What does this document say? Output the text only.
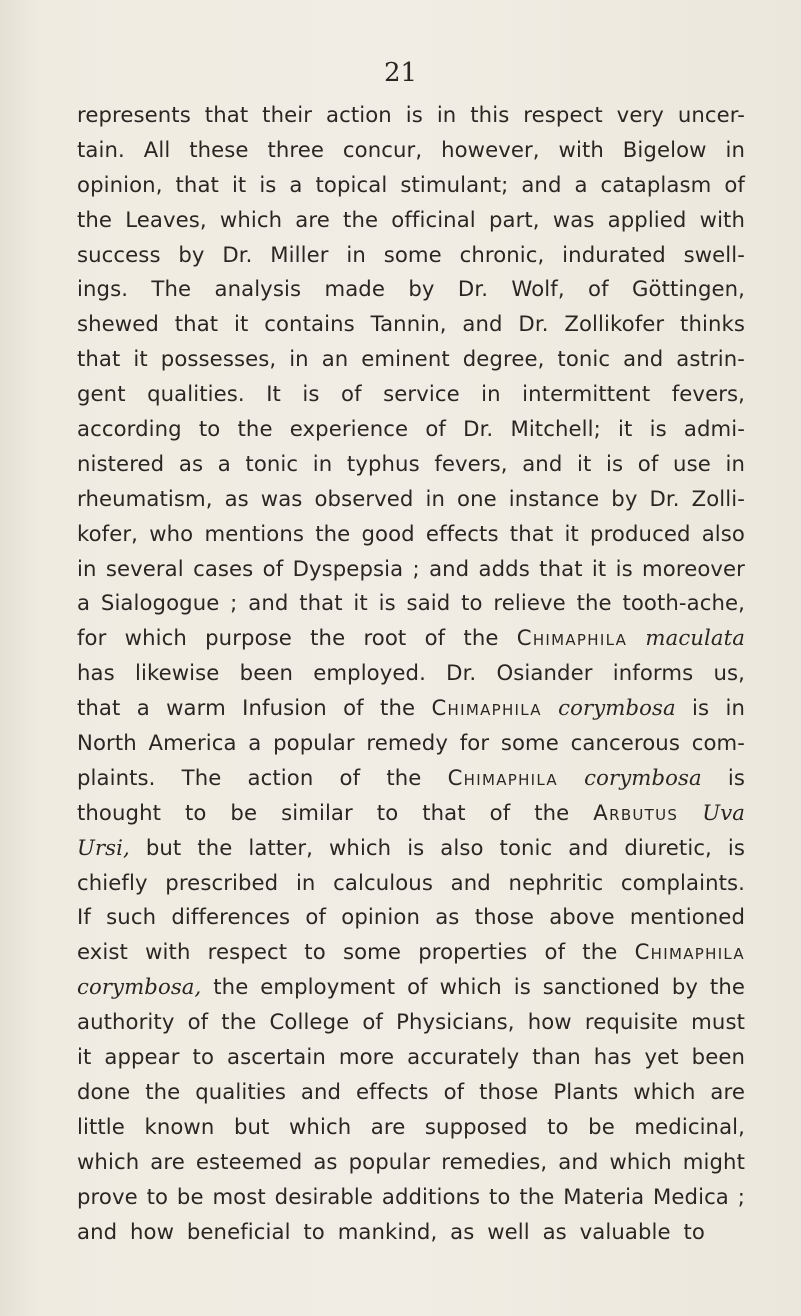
21
represents that their action is in this respect very uncer-
tain. All these three concur, however, with Bigelow in
opinion, that it is a topical stimulant; and a cataplasm of
the Leaves, which are the officinal part, was applied with
success by Dr. Miller in some chronic, indurated swell-
ings. The analysis made by Dr. Wolf, of Göttingen,
shewed that it contains Tannin, and Dr. Zollikofer thinks
that it possesses, in an eminent degree, tonic and astrin-
gent qualities. It is of service in intermittent fevers,
according to the experience of Dr. Mitchell; it is admi-
nistered as a tonic in typhus fevers, and it is of use in
rheumatism, as was observed in one instance by Dr. Zolli-
kofer, who mentions the good effects that it produced also
in several cases of Dyspepsia ; and adds that it is moreover
a Sialogogue ; and that it is said to relieve the tooth-ache,
for which purpose the root of the Chimaphila maculata
has likewise been employed. Dr. Osiander informs us,
that a warm Infusion of the Chimaphila corymbosa is in
North America a popular remedy for some cancerous com-
plaints. The action of the Chimaphila corymbosa is
thought to be similar to that of the Arbutus Uva
Ursi, but the latter, which is also tonic and diuretic, is
chiefly prescribed in calculous and nephritic complaints.
If such differences of opinion as those above mentioned
exist with respect to some properties of the Chimaphila
corymbosa, the employment of which is sanctioned by the
authority of the College of Physicians, how requisite must
it appear to ascertain more accurately than has yet been
done the qualities and effects of those Plants which are
little known but which are supposed to be medicinal,
which are esteemed as popular remedies, and which might
prove to be most desirable additions to the Materia Medica ;
and how beneficial to mankind, as well as valuable to
